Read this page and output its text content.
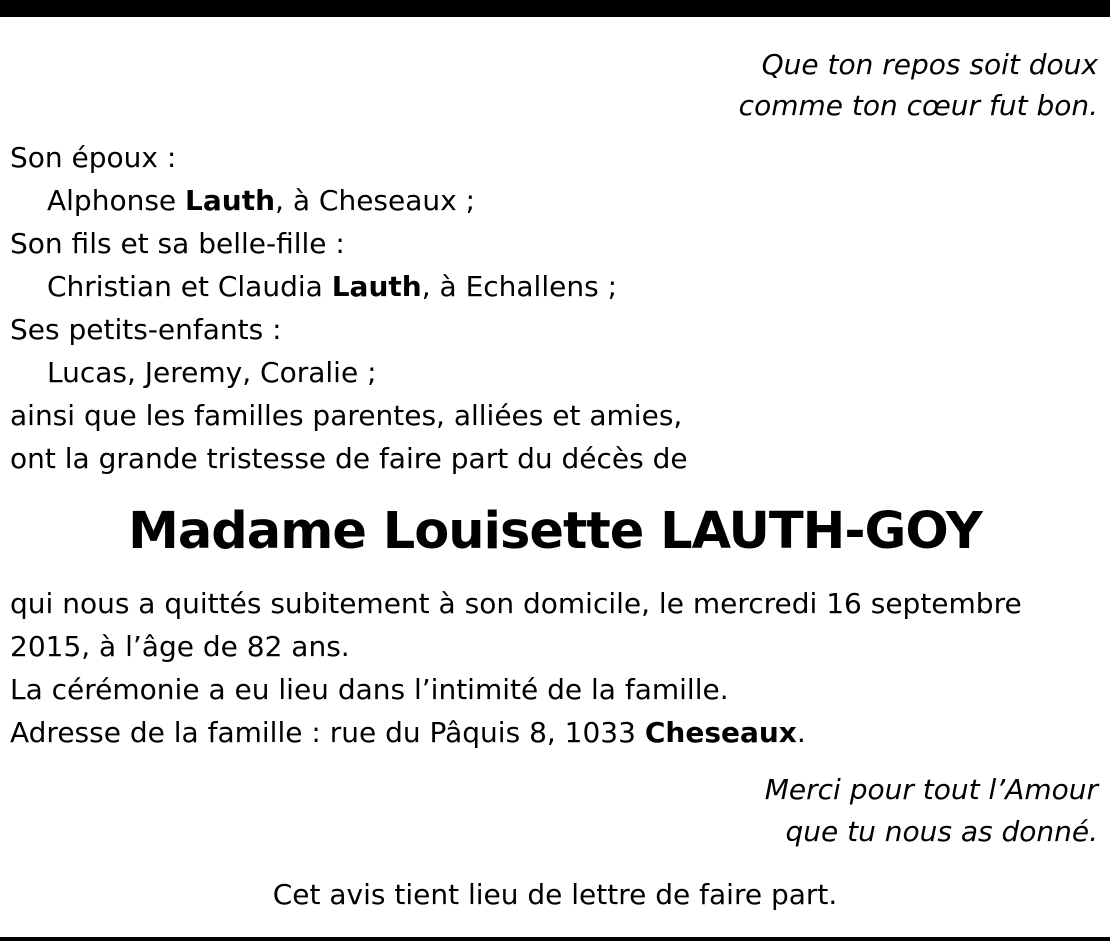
Que ton repos soit doux
comme ton cœur fut bon.
Son époux :
Alphonse Lauth, à Cheseaux ;
Son fils et sa belle-fille :
Christian et Claudia Lauth, à Echallens ;
Ses petits-enfants :
Lucas, Jeremy, Coralie ;
ainsi que les familles parentes, alliées et amies,
ont la grande tristesse de faire part du décès de
Madame Louisette LAUTH-GOY
qui nous a quittés subitement à son domicile, le mercredi 16 septembre
2015, à l’âge de 82 ans.
La cérémonie a eu lieu dans l’intimité de la famille.
Adresse de la famille : rue du Pâquis 8, 1033 Cheseaux.
Merci pour tout l’Amour
que tu nous as donné.
Cet avis tient lieu de lettre de faire part.
